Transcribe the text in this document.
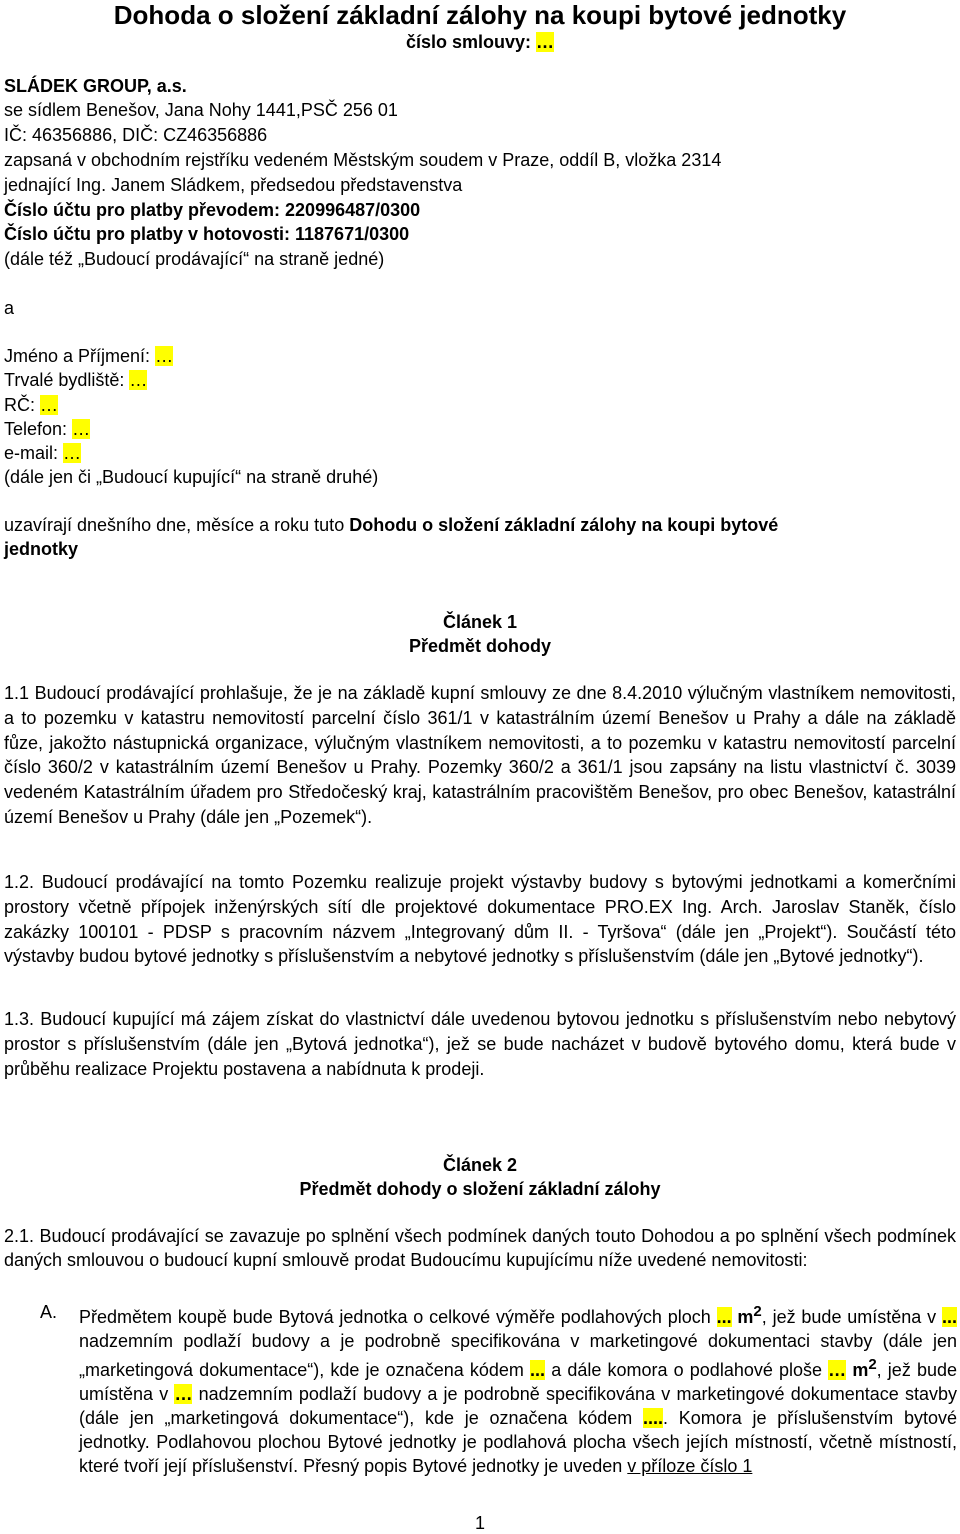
Dohoda o složení základní zálohy na koupi bytové jednotky
číslo smlouvy: …
SLÁDEK GROUP, a.s.
se sídlem Benešov, Jana Nohy 1441,PSČ 256 01
IČ: 46356886, DIČ: CZ46356886
zapsaná v obchodním rejstříku vedeném Městským soudem v Praze, oddíl B, vložka 2314
jednající Ing. Janem Sládkem, předsedou představenstva
Číslo účtu pro platby převodem: 220996487/0300
Číslo účtu pro platby v hotovosti: 1187671/0300
(dále též „Budoucí prodávající“ na straně jedné)
a
Jméno a Příjmení: …
Trvalé bydliště: …
RČ: …
Telefon: …
e-mail: …
(dále jen či „Budoucí kupující“ na straně druhé)
uzavírají dnešního dne, měsíce a roku tuto Dohodu o složení základní zálohy na koupi bytové
jednotky
Článek 1
Předmět dohody
1.1 Budoucí prodávající prohlašuje, že je na základě kupní smlouvy ze dne 8.4.2010 výlučným vlastníkem nemovitosti, a to pozemku v katastru nemovitostí parcelní číslo 361/1 v katastrálním území Benešov u Prahy a dále na základě fůze, jakožto nástupnická organizace, výlučným vlastníkem nemovitosti, a to pozemku v katastru nemovitostí parcelní číslo 360/2 v katastrálním území Benešov u Prahy. Pozemky 360/2 a 361/1 jsou zapsány na listu vlastnictví č. 3039 vedeném Katastrálním úřadem pro Středočeský kraj, katastrálním pracovištěm Benešov, pro obec Benešov, katastrální území Benešov u Prahy (dále jen „Pozemek“).
1.2. Budoucí prodávající na tomto Pozemku realizuje projekt výstavby budovy s bytovými jednotkami a komerčními prostory včetně přípojek inženýrských sítí dle projektové dokumentace PRO.EX Ing. Arch. Jaroslav Staněk, číslo zakázky 100101 - PDSP s pracovním názvem „Integrovaný dům II. - Tyršova“ (dále jen „Projekt“). Součástí této výstavby budou bytové jednotky s příslušenstvím a nebytové jednotky s příslušenstvím (dále jen „Bytové jednotky“).
1.3. Budoucí kupující má zájem získat do vlastnictví dále uvedenou bytovou jednotku s příslušenstvím nebo nebytový prostor s příslušenstvím (dále jen „Bytová jednotka“), jež se bude nacházet v budově bytového domu, která bude v průběhu realizace Projektu postavena a nabídnuta k prodeji.
Článek 2
Předmět dohody o složení základní zálohy
2.1. Budoucí prodávající se zavazuje po splnění všech podmínek daných touto Dohodou a po splnění všech podmínek daných smlouvou o budoucí kupní smlouvě prodat Budoucímu kupujícímu níže uvedené nemovitosti:
A. Předmětem koupě bude Bytová jednotka o celkové výměře podlahových ploch ... $m^2$, jež bude umístěna v ... nadzemním podlaží budovy a je podrobně specifikována v marketingové dokumentaci stavby (dále jen „marketingová dokumentace“), kde je označena kódem ... a dále komora o podlahové ploše … $m^2$, jež bude umístěna v … nadzemním podlaží budovy a je podrobně specifikována v marketingové dokumentace stavby (dále jen „marketingová dokumentace“), kde je označena kódem ..... Komora je příslušenstvím bytové jednotky. Podlahovou plochou Bytové jednotky je podlahová plocha všech jejích místností, včetně místností, které tvoří její příslušenství. Přesný popis Bytové jednotky je uveden v příloze číslo 1
1
